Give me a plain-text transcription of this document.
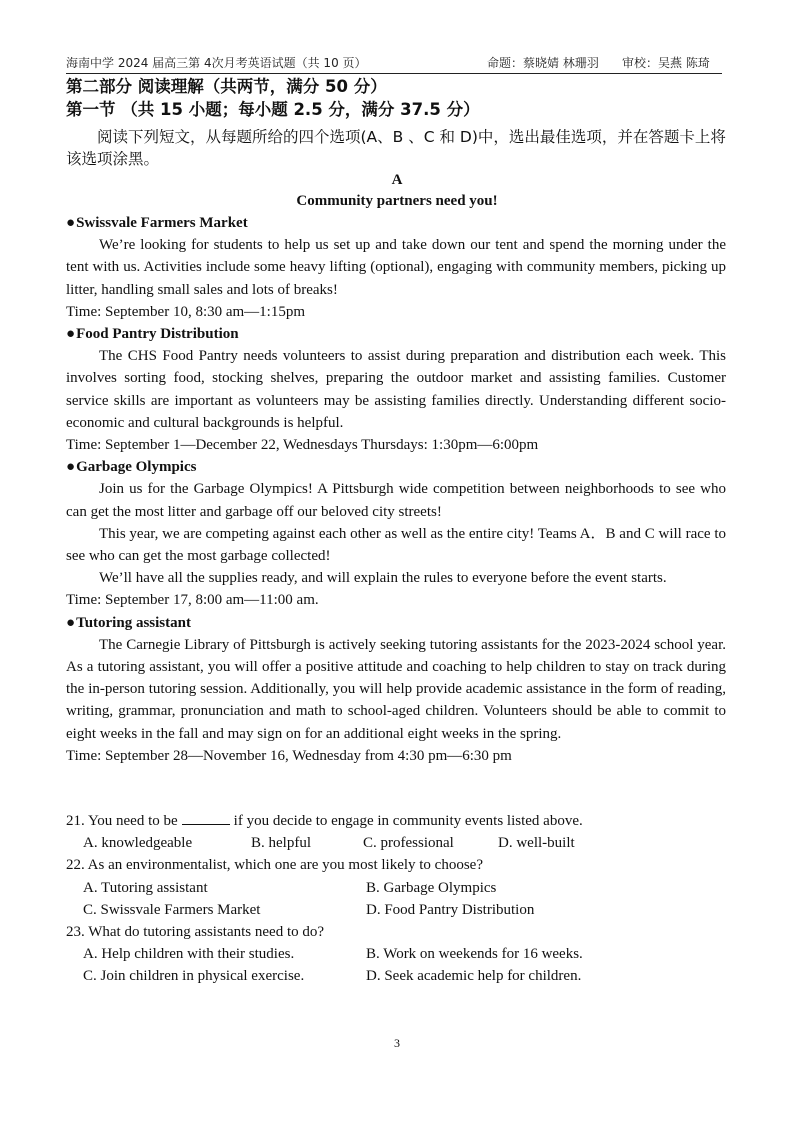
海南中学 2024 届高三第 4次月考英语试题（共 10 页）	命题：蔡晓婧 林珊羽 审校：吴燕 陈琦
第二部分 阅读理解（共两节，满分 50 分）
第一节 （共 15 小题；每小题 2.5 分，满分 37.5 分）

阅读下列短文，从每题所给的四个选项(A、B 、C 和 D)中，选出最佳选项，并在答题卡上将该选项涂黑。

A
Community partners need you!

●Swissvale Farmers Market

We’re looking for students to help us set up and take down our tent and spend the morning under the tent with us. Activities include some heavy lifting (optional), engaging with community members, picking up litter, handling small sales and lots of breaks!

Time: September 10, 8:30 am—1:15pm

●Food Pantry Distribution

The CHS Food Pantry needs volunteers to assist during preparation and distribution each week. This involves sorting food, stocking shelves, preparing the outdoor market and assisting families. Customer service skills are important as volunteers may be assisting families directly. Understanding different socio-economic and cultural backgrounds is helpful.

Time: September 1—December 22, Wednesdays Thursdays: 1:30pm—6:00pm

●Garbage Olympics

Join us for the Garbage Olympics! A Pittsburgh wide competition between neighborhoods to see who can get the most litter and garbage off our beloved city streets!

This year, we are competing against each other as well as the entire city! Teams A．B and C will race to see who can get the most garbage collected!

We’ll have all the supplies ready, and will explain the rules to everyone before the event starts.

Time: September 17, 8:00 am—11:00 am.

●Tutoring assistant

The Carnegie Library of Pittsburgh is actively seeking tutoring assistants for the 2023-2024 school year. As a tutoring assistant, you will offer a positive attitude and coaching to help children to stay on track during the in-person tutoring session. Additionally, you will help provide academic assistance in the form of reading, writing, grammar, pronunciation and math to school-aged children. Volunteers should be able to commit to eight weeks in the fall and may sign on for an additional eight weeks in the spring.

Time: September 28—November 16, Wednesday from 4:30 pm—6:30 pm

21. You need to be	if you decide to engage in community events listed above.

A. knowledgeable	B. helpful	C. professional	D. well-built

22. As an environmentalist, which one are you most likely to choose?

A. Tutoring assistant	B. Garbage Olympics
C. Swissvale Farmers Market	D. Food Pantry Distribution

23. What do tutoring assistants need to do?

A. Help children with their studies.	B. Work on weekends for 16 weeks.
C. Join children in physical exercise.	D. Seek academic help for children.
3
